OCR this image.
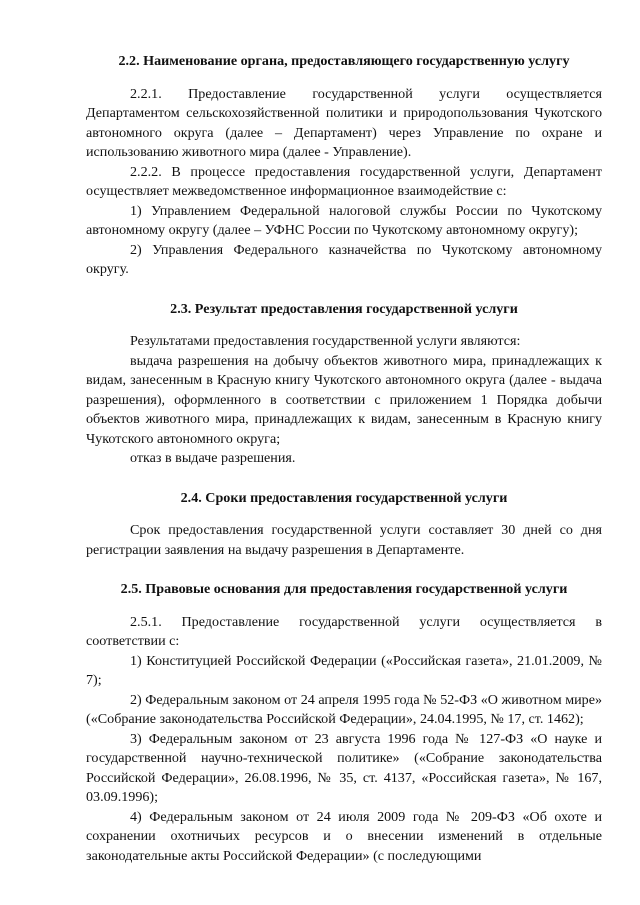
2.2. Наименование органа, предоставляющего государственную услугу

2.2.1. Предоставление государственной услуги осуществляется Департаментом сельскохозяйственной политики и природопользования Чукотского автономного округа (далее – Департамент) через Управление по охране и использованию животного мира (далее - Управление).

2.2.2. В процессе предоставления государственной услуги, Департамент осуществляет межведомственное информационное взаимодействие с:

1) Управлением Федеральной налоговой службы России по Чукотскому автономному округу (далее – УФНС России по Чукотскому автономному округу);

2) Управления Федерального казначейства по Чукотскому автономному округу.

2.3. Результат предоставления государственной услуги

Результатами предоставления государственной услуги являются:

выдача разрешения на добычу объектов животного мира, принадлежащих к видам, занесенным в Красную книгу Чукотского автономного округа (далее - выдача разрешения), оформленного в соответствии с приложением 1 Порядка добычи объектов животного мира, принадлежащих к видам, занесенным в Красную книгу Чукотского автономного округа;

отказ в выдаче разрешения.

2.4. Сроки предоставления государственной услуги

Срок предоставления государственной услуги составляет 30 дней со дня регистрации заявления на выдачу разрешения в Департаменте.

2.5. Правовые основания для предоставления государственной услуги

2.5.1. Предоставление государственной услуги осуществляется в соответствии с:

1) Конституцией Российской Федерации («Российская газета», 21.01.2009, № 7);

2) Федеральным законом от 24 апреля 1995 года № 52-ФЗ «О животном мире» («Собрание законодательства Российской Федерации», 24.04.1995, № 17, ст. 1462);

3) Федеральным законом от 23 августа 1996 года № 127-ФЗ «О науке и государственной научно-технической политике» («Собрание законодательства Российской Федерации», 26.08.1996, № 35, ст. 4137, «Российская газета», № 167, 03.09.1996);

4) Федеральным законом от 24 июля 2009 года № 209-ФЗ «Об охоте и сохранении охотничьих ресурсов и о внесении изменений в отдельные законодательные акты Российской Федерации» (с последующими
